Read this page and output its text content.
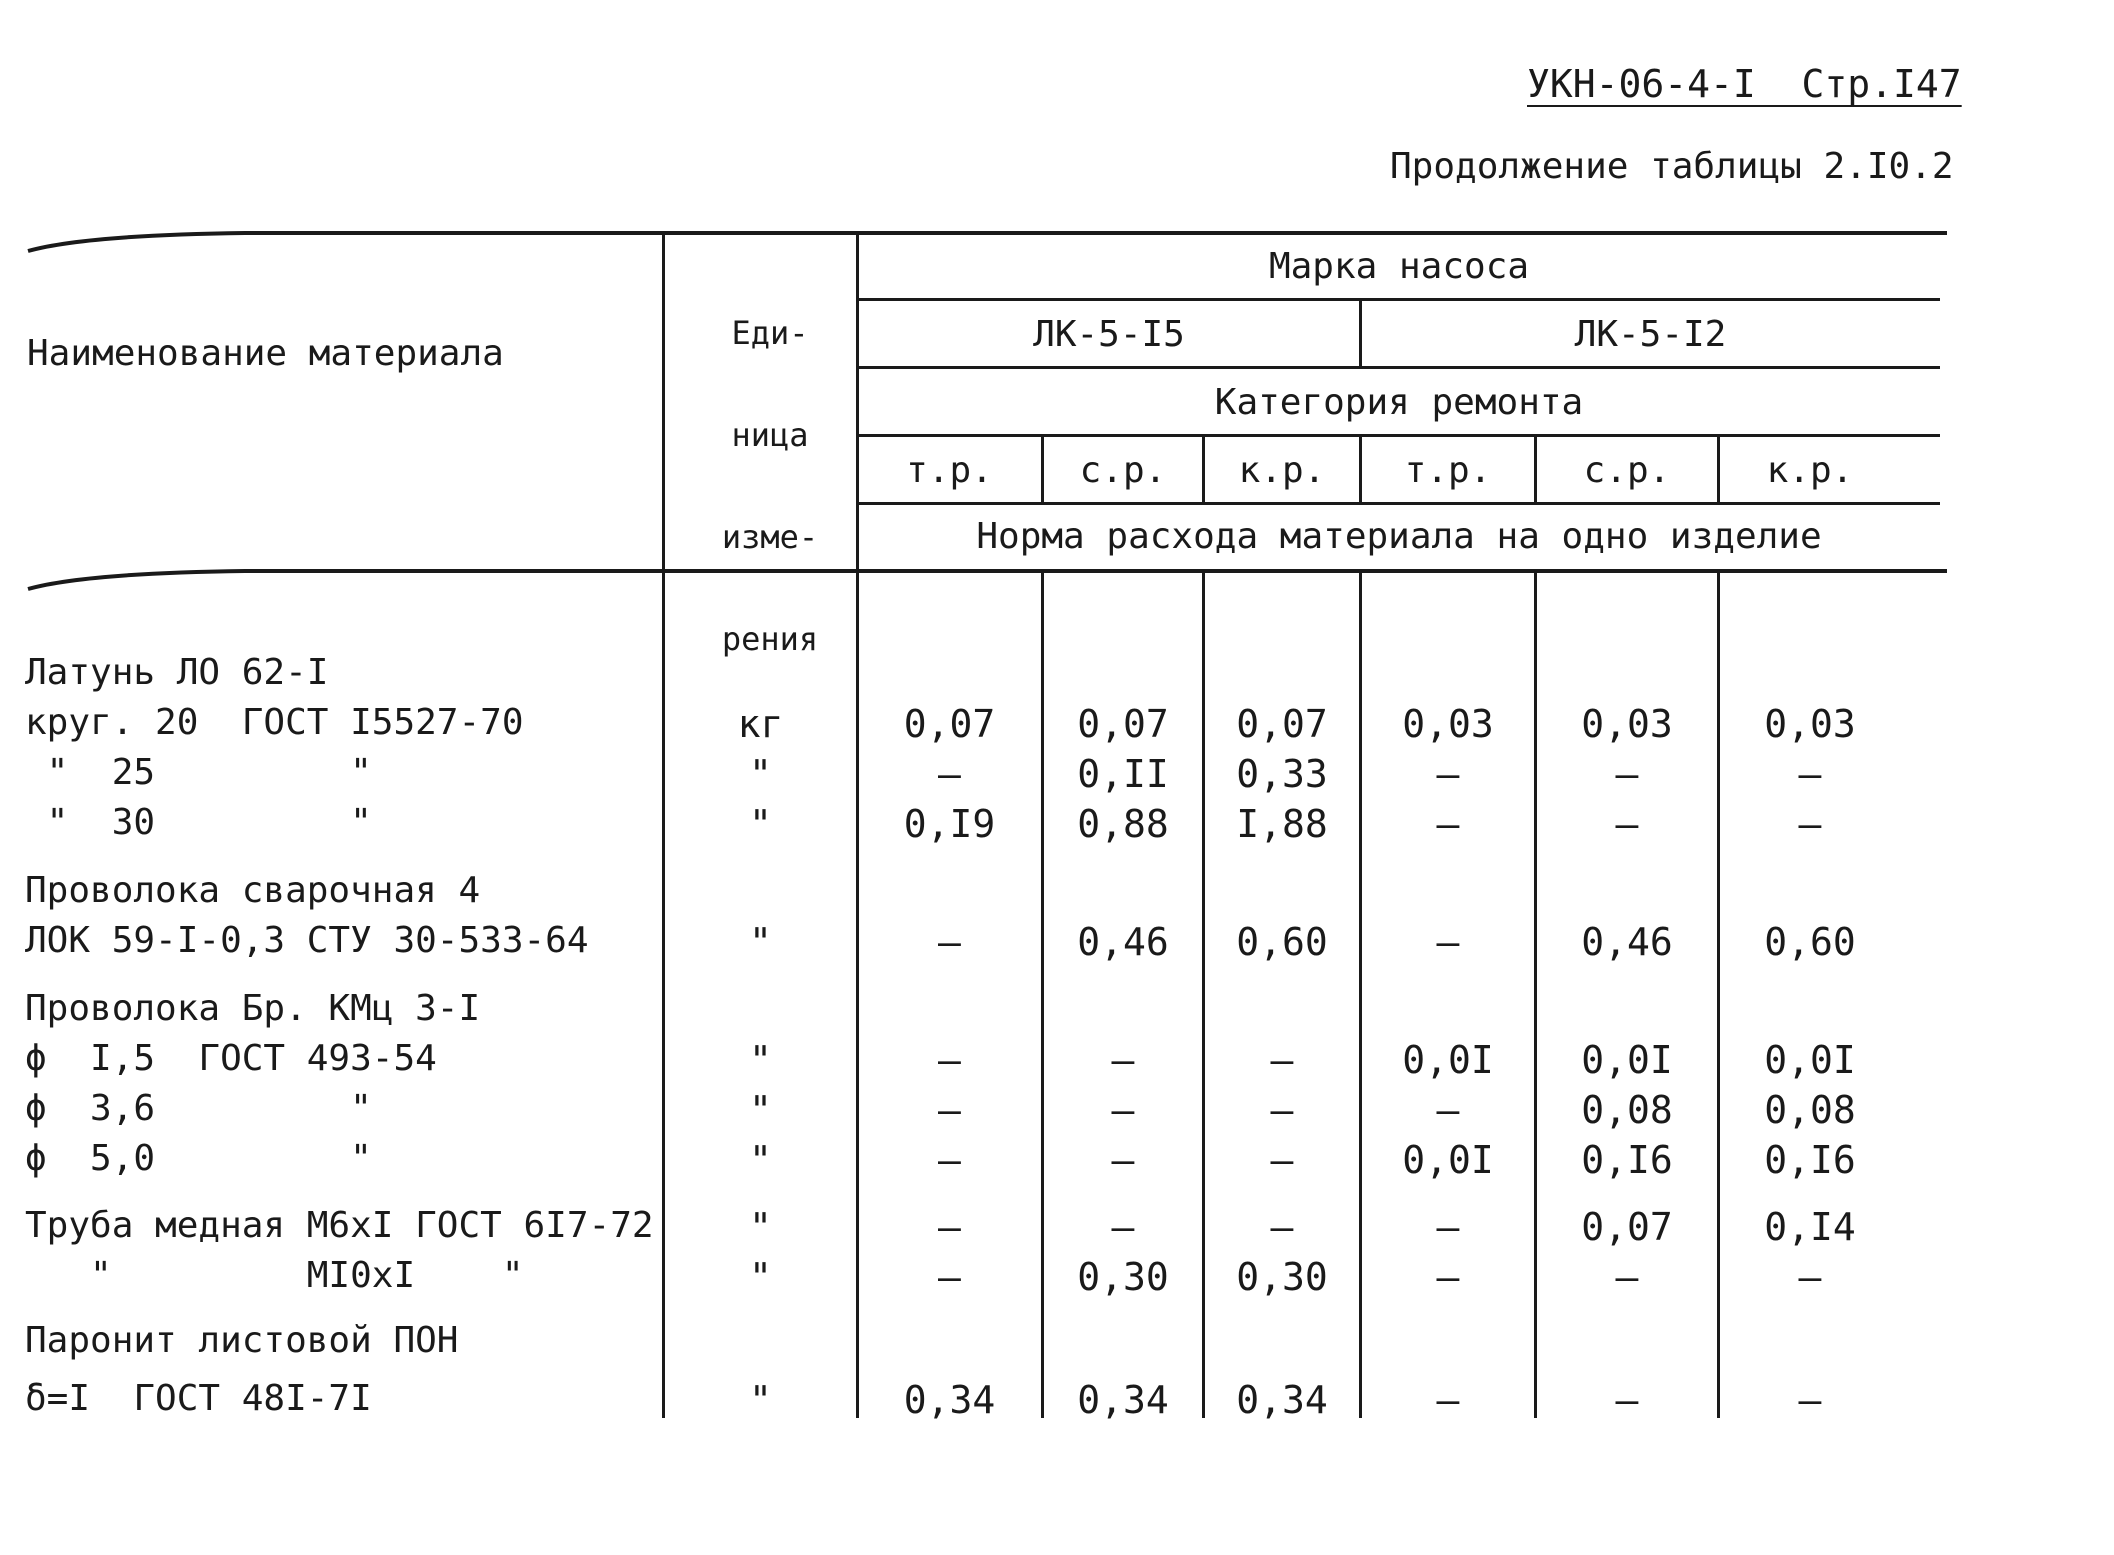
УКН-06-4-I  Стр.I47
Продолжение таблицы 2.I0.2
Наименование материала

	Еди-

ница

изме-

рения

Марка насоса
ЛК-5-I5	ЛК-5-I2
Категория ремонта
т.р.	с.р.	к.р.	т.р.	с.р.	к.р.
Норма расхода материала на одно изделие
Латунь ЛО 62-I
круг. 20  ГОСТ I5527-70	кг	0,07	0,07	0,07	0,03	0,03	0,03
"  25         "	"	–	0,II	0,33	–	–	–
"  30         "	"	0,I9	0,88	I,88	–	–	–
Проволока сварочная 4
ЛОК 59-I-0,3 СТУ 30-533-64	"	–	0,46	0,60	–	0,46	0,60
Проволока Бр. КМц 3-I
ϕ  I,5  ГОСТ 493-54	"	–	–	–	0,0I	0,0I	0,0I
ϕ  3,6         "	"	–	–	–	–	0,08	0,08
ϕ  5,0         "	"	–	–	–	0,0I	0,I6	0,I6
Труба медная М6хI ГОСТ 6I7-72	"	–	–	–	–	0,07	0,I4
"         МI0хI    "	"	–	0,30	0,30	–	–	–
Паронит листовой ПОН
δ=I  ГОСТ 48I-7I	"	0,34	0,34	0,34	–	–	–
